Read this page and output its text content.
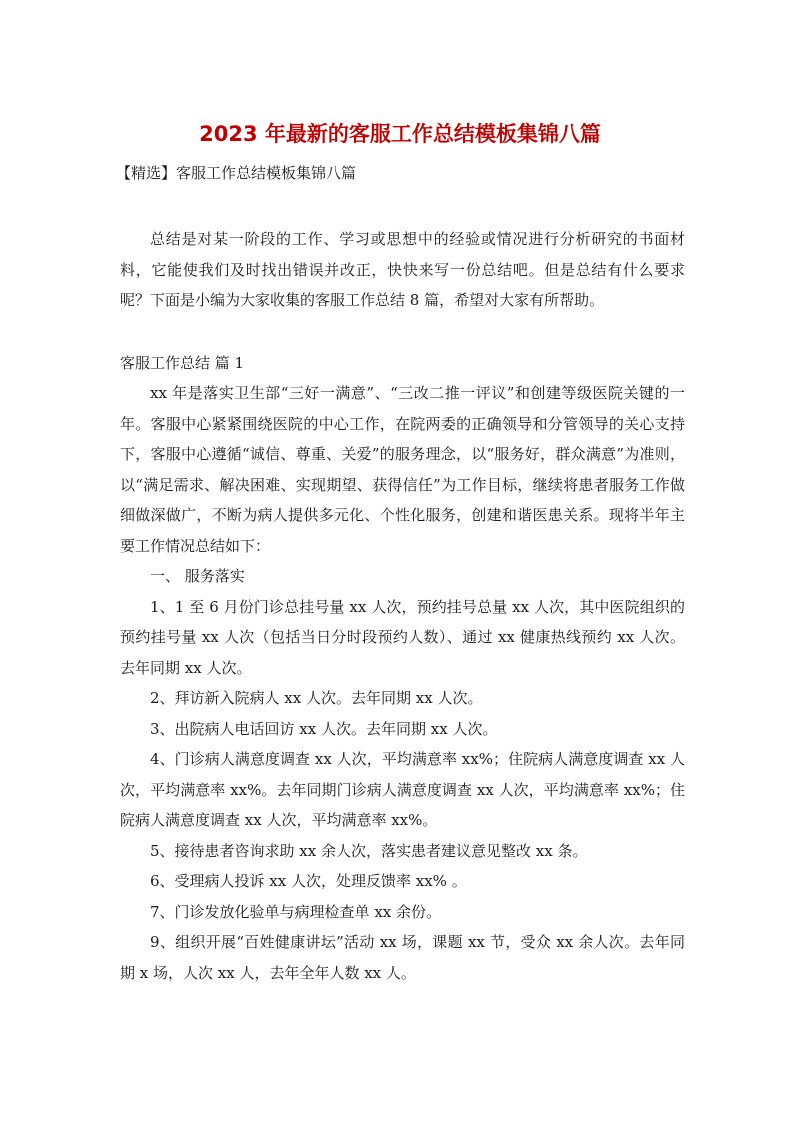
2023 年最新的客服工作总结模板集锦八篇
【精选】客服工作总结模板集锦八篇

总结是对某一阶段的工作、学习或思想中的经验或情况进行分析研究的书面材料，它能使我们及时找出错误并改正，快快来写一份总结吧。但是总结有什么要求呢？下面是小编为大家收集的客服工作总结 8 篇，希望对大家有所帮助。

客服工作总结 篇 1

xx 年是落实卫生部“三好一满意”、“三改二推一评议”和创建等级医院关键的一年。客服中心紧紧围绕医院的中心工作，在院两委的正确领导和分管领导的关心支持下，客服中心遵循“诚信、尊重、关爱”的服务理念，以“服务好，群众满意”为准则，以“满足需求、解决困难、实现期望、获得信任”为工作目标，继续将患者服务工作做细做深做广，不断为病人提供多元化、个性化服务，创建和谐医患关系。现将半年主要工作情况总结如下：

一、 服务落实

1、1 至 6 月份门诊总挂号量 xx 人次，预约挂号总量 xx 人次，其中医院组织的预约挂号量 xx 人次（包括当日分时段预约人数）、通过 xx 健康热线预约 xx 人次。去年同期 xx 人次。

2、拜访新入院病人 xx 人次。去年同期 xx 人次。

3、出院病人电话回访 xx 人次。去年同期 xx 人次。

4、门诊病人满意度调查 xx 人次，平均满意率 xx%；住院病人满意度调查 xx 人次，平均满意率 xx%。去年同期门诊病人满意度调查 xx 人次，平均满意率 xx%；住院病人满意度调查 xx 人次，平均满意率 xx%。

5、接待患者咨询求助 xx 余人次，落实患者建议意见整改 xx 条。

6、受理病人投诉 xx 人次，处理反馈率 xx% 。

7、门诊发放化验单与病理检查单 xx 余份。

9、组织开展“百姓健康讲坛”活动 xx 场，课题 xx 节，受众 xx 余人次。去年同期 x 场，人次 xx 人，去年全年人数 xx 人。
